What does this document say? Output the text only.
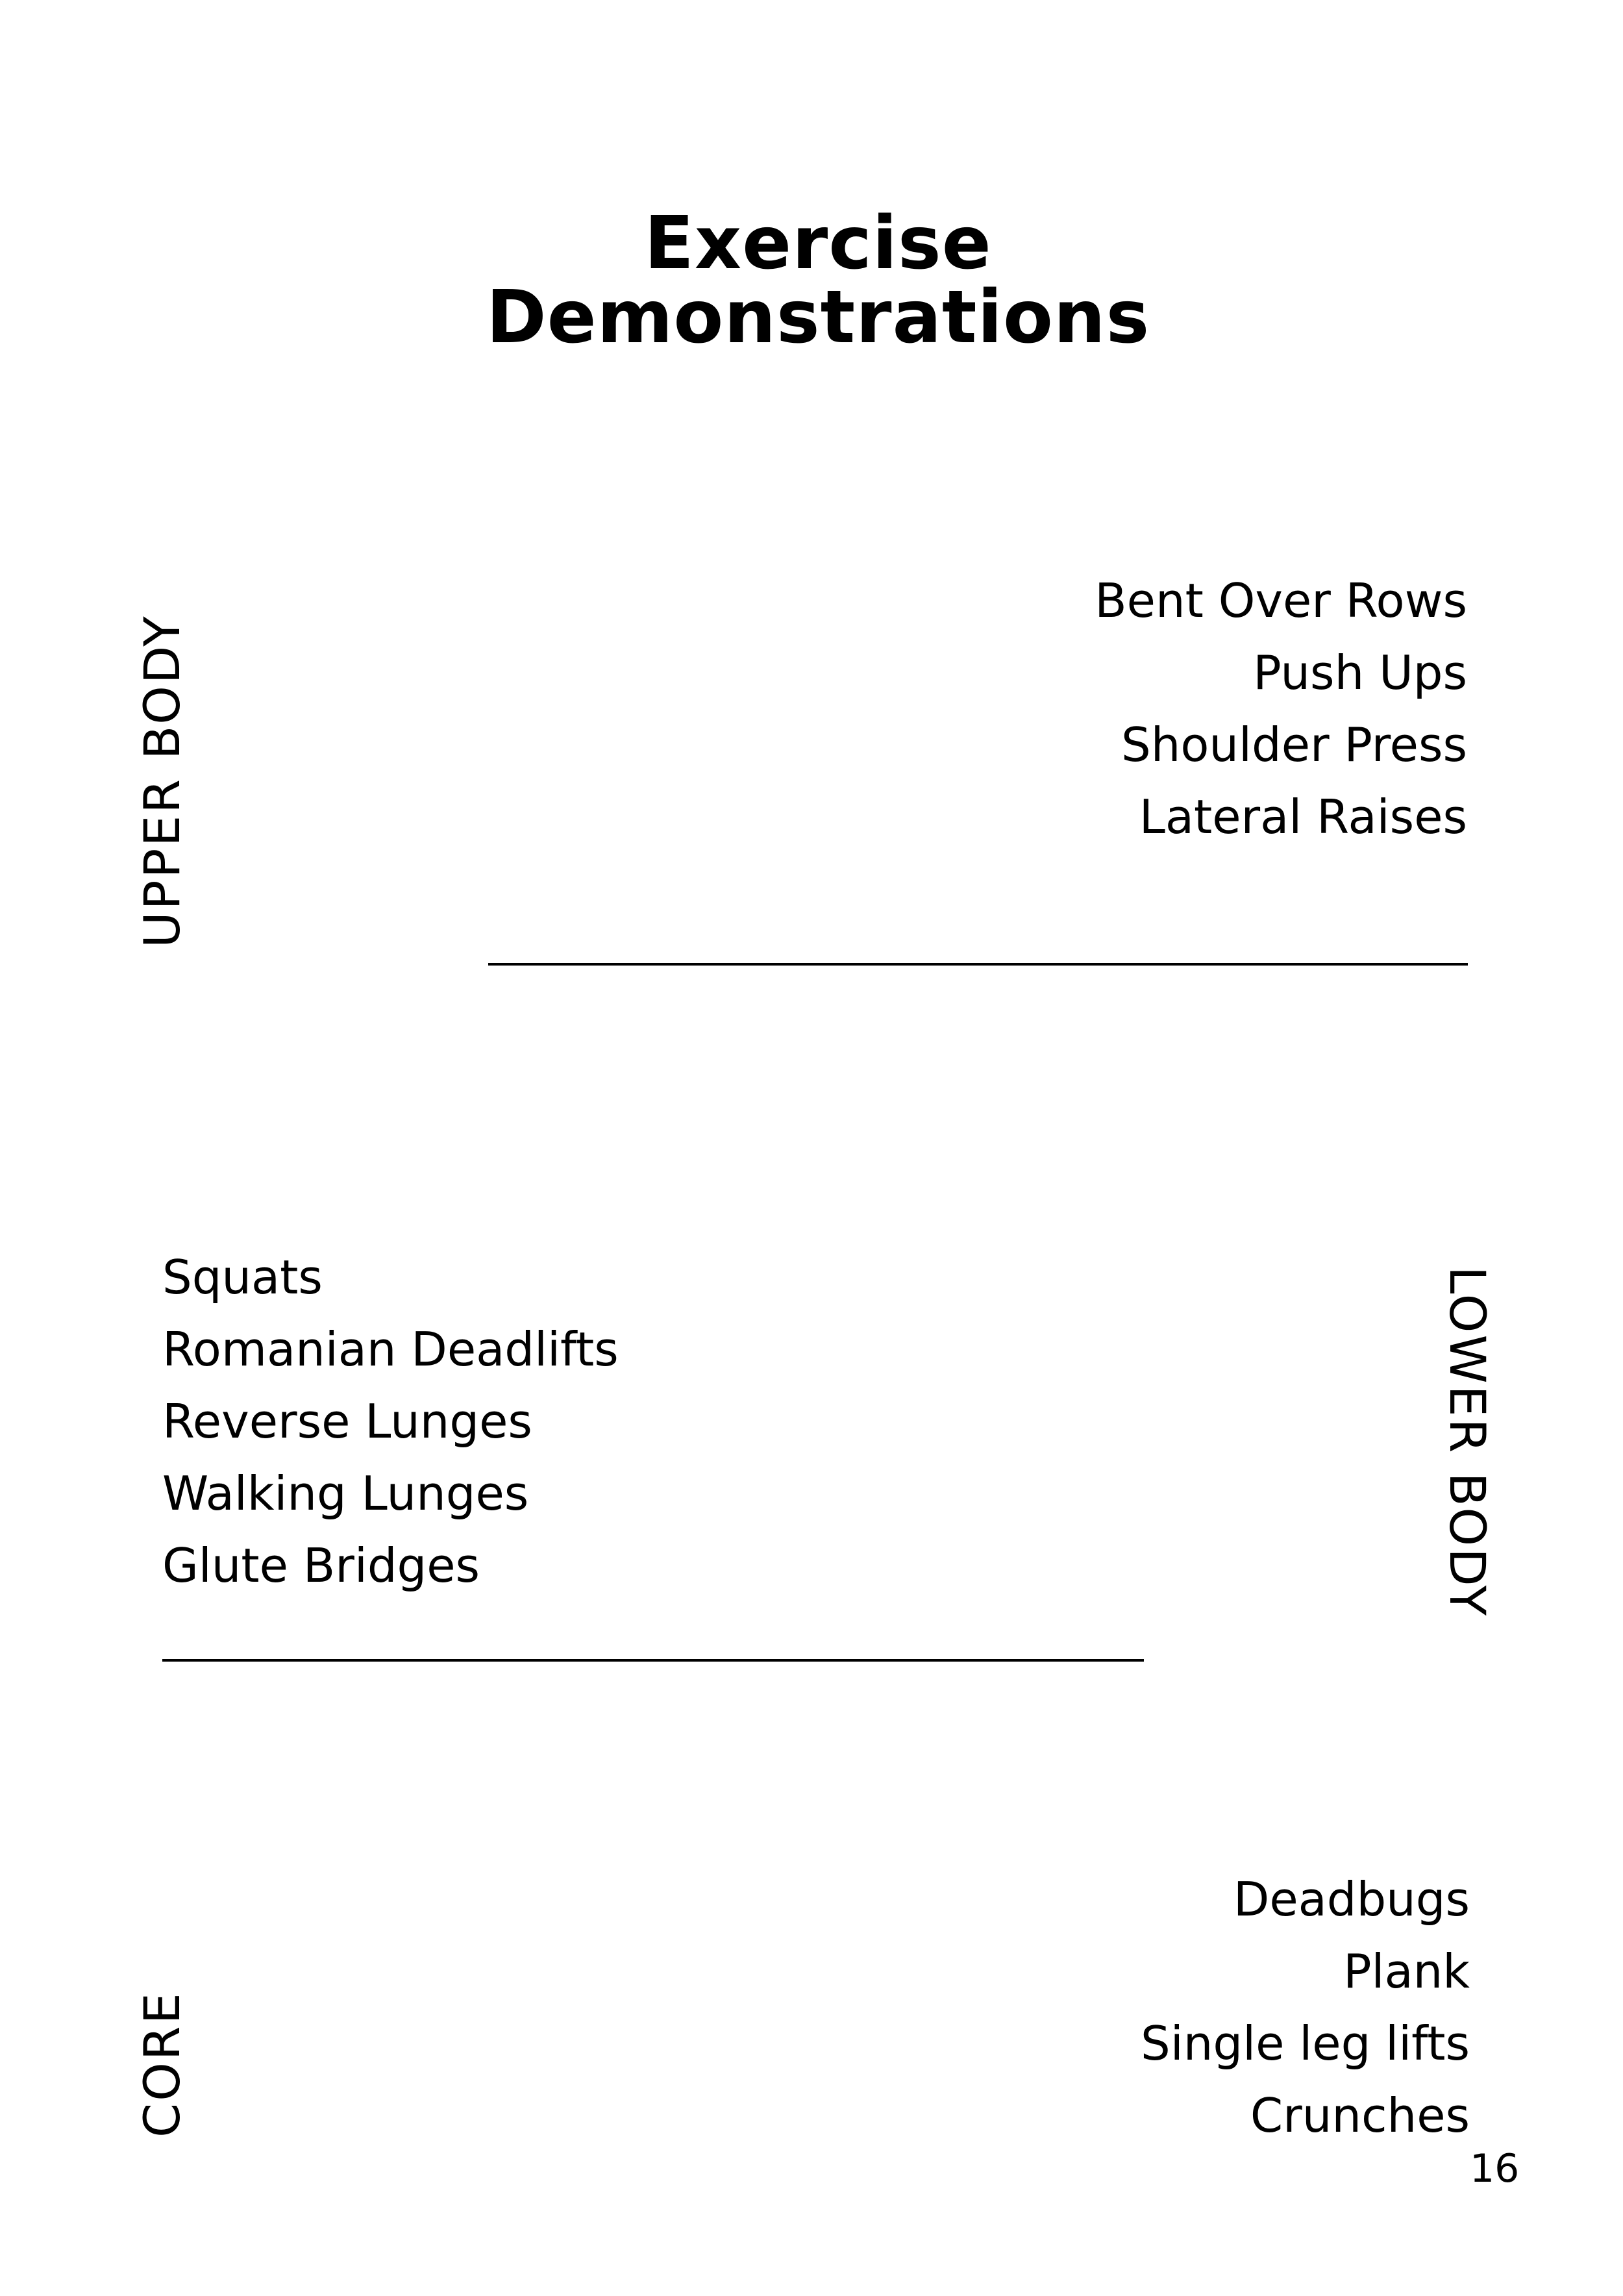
Exercise
Demonstrations
UPPER BODY
Bent Over Rows
Push Ups
Shoulder Press
Lateral Raises
Squats
Romanian Deadlifts
Reverse Lunges
Walking Lunges
Glute Bridges	LOWER BODY
CORE
Deadbugs
Plank
Single leg lifts
Crunches
16
